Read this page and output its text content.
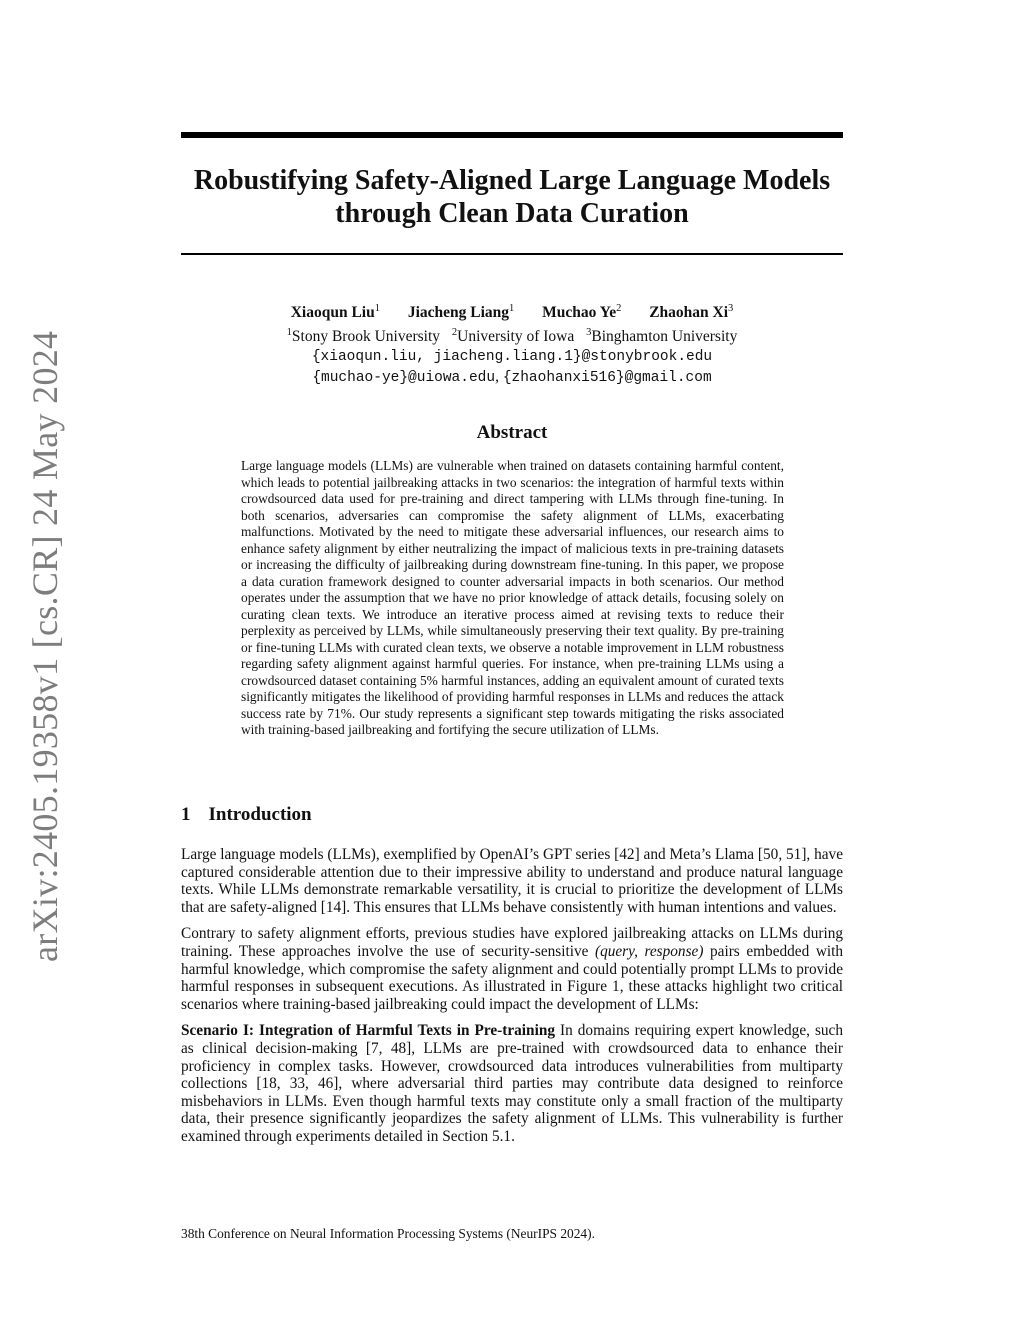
arXiv:2405.19358v1 [cs.CR] 24 May 2024
Robustifying Safety-Aligned Large Language Models
through Clean Data Curation
Xiaoqun Liu$^1$ Jiacheng Liang$^1$ Muchao Ye$^2$ Zhaohan Xi$^3$
$^1$Stony Brook University $^2$University of Iowa $^3$Binghamton University
{xiaoqun.liu, jiacheng.liang.1}@stonybrook.edu
{muchao-ye}@uiowa.edu, {zhaohanxi516}@gmail.com
Abstract
Large language models (LLMs) are vulnerable when trained on datasets containing harmful content, which leads to potential jailbreaking attacks in two scenarios: the integration of harmful texts within crowdsourced data used for pre-training and direct tampering with LLMs through fine-tuning. In both scenarios, adversaries can compromise the safety alignment of LLMs, exacerbating malfunctions. Motivated by the need to mitigate these adversarial influences, our research aims to enhance safety alignment by either neutralizing the impact of malicious texts in pre-training datasets or increasing the difficulty of jailbreaking during downstream fine-tuning. In this paper, we propose a data curation framework designed to counter adversarial impacts in both scenarios. Our method operates under the assumption that we have no prior knowledge of attack details, focusing solely on curating clean texts. We introduce an iterative process aimed at revising texts to reduce their perplexity as perceived by LLMs, while simultaneously preserving their text quality. By pre-training or fine-tuning LLMs with curated clean texts, we observe a notable improvement in LLM robustness regarding safety alignment against harmful queries. For instance, when pre-training LLMs using a crowdsourced dataset containing 5% harmful instances, adding an equivalent amount of curated texts significantly mitigates the likelihood of providing harmful responses in LLMs and reduces the attack success rate by 71%. Our study represents a significant step towards mitigating the risks associated with training-based jailbreaking and fortifying the secure utilization of LLMs.
1 Introduction

Large language models (LLMs), exemplified by OpenAI’s GPT series [42] and Meta’s Llama [50, 51], have captured considerable attention due to their impressive ability to understand and produce natural language texts. While LLMs demonstrate remarkable versatility, it is crucial to prioritize the development of LLMs that are safety-aligned [14]. This ensures that LLMs behave consistently with human intentions and values.

Contrary to safety alignment efforts, previous studies have explored jailbreaking attacks on LLMs during training. These approaches involve the use of security-sensitive (query, response) pairs embedded with harmful knowledge, which compromise the safety alignment and could potentially prompt LLMs to provide harmful responses in subsequent executions. As illustrated in Figure 1, these attacks highlight two critical scenarios where training-based jailbreaking could impact the development of LLMs:

Scenario I: Integration of Harmful Texts in Pre-training In domains requiring expert knowledge, such as clinical decision-making [7, 48], LLMs are pre-trained with crowdsourced data to enhance their proficiency in complex tasks. However, crowdsourced data introduces vulnerabilities from multiparty collections [18, 33, 46], where adversarial third parties may contribute data designed to reinforce misbehaviors in LLMs. Even though harmful texts may constitute only a small fraction of the multiparty data, their presence significantly jeopardizes the safety alignment of LLMs. This vulnerability is further examined through experiments detailed in Section 5.1.

38th Conference on Neural Information Processing Systems (NeurIPS 2024).
